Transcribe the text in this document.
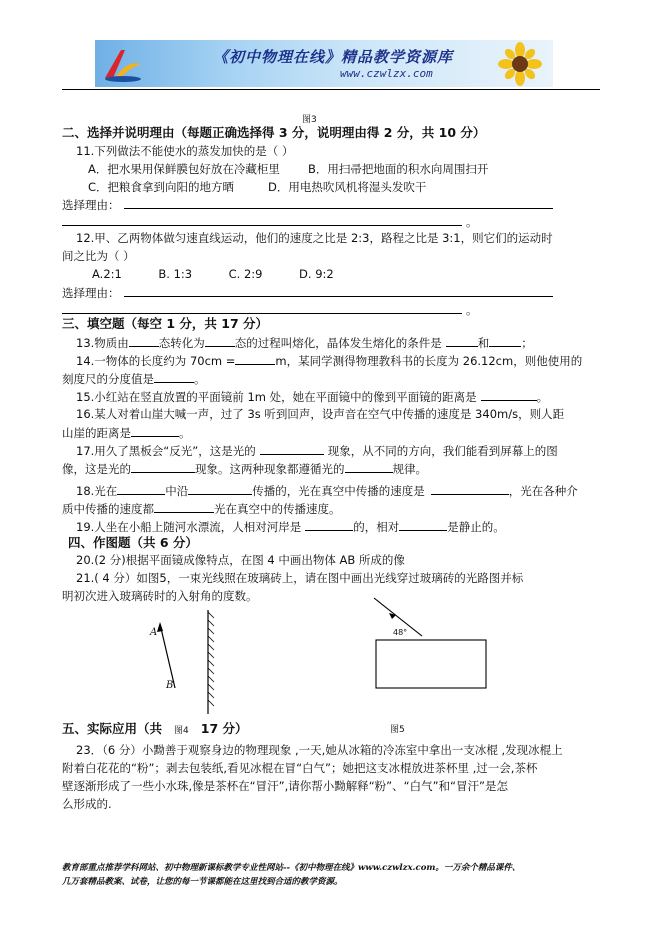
《初中物理在线》精品教学资源库
www.czwlzx.com
图3
二、选择并说明理由（每题正确选择得 3 分，说明理由得 2 分，共 10 分）
11.下列做法不能使水的蒸发加快的是（ ）
A．把水果用保鲜膜包好放在冷藏柜里 B．用扫帚把地面的积水向周围扫开
C．把粮食拿到向阳的地方晒	D．用电热吹风机将湿头发吹干
选择理由：
。
12.甲、乙两物体做匀速直线运动，他们的速度之比是 2:3，路程之比是 3:1，则它们的运动时
间之比为（ ）
A.2:1          B. 1:3          C. 2:9          D. 9:2
选择理由：
。
三、填空题（每空 1 分，共 17 分）
13.物质由	态转化为	态的过程叫熔化，晶体发生熔化的条件是	和	；
14.一物体的长度约为 70cm =	m，某同学测得物理教科书的长度为 26.12cm，则他使用的
刻度尺的分度值是	。
15.小红站在竖直放置的平面镜前 1m 处，她在平面镜中的像到平面镜的距离是	。
16.某人对着山崖大喊一声，过了 3s 听到回声，设声音在空气中传播的速度是 340m/s，则人距
山崖的距离是	。
17.用久了黑板会“反光”，这是光的	现象，从不同的方向，我们能看到屏幕上的图
像，这是光的	现象。这两种现象都遵循光的	规律。
18.光在	中沿	传播的，光在真空中传播的速度是	，光在各种介
质中传播的速度都	光在真空中的传播速度。
19.人坐在小船上随河水漂流，人相对河岸是	的，相对	是静止的。
四、作图题（共 6 分）
20.(2 分)根据平面镜成像特点，在图 4 中画出物体 AB 所成的像
21.( 4 分）如图5，一束光线照在玻璃砖上，请在图中画出光线穿过玻璃砖的光路图并标
明初次进入玻璃砖时的入射角的度数。
A
B
48°
五、实际应用（共 图4 17 分）	图5
23．（6 分）小黝善于观察身边的物理现象 ,一天,她从冰箱的冷冻室中拿出一支冰棍 ,发现冰棍上
附着白花花的“粉”；剥去包装纸,看见冰棍在冒“白气”；她把这支冰棍放进茶杯里 ,过一会,茶杯
壁逐渐形成了一些小水珠,像是茶杯在“冒汗”,请你帮小黝解释“粉”、“白气”和“冒汗”是怎
么形成的.
教育部重点推荐学科网站、初中物理新课标教学专业性网站--《初中物理在线》www.czwlzx.com。一万余个精品课件、
几万套精品教案、试卷，让您的每一节课都能在这里找到合适的教学资源。
